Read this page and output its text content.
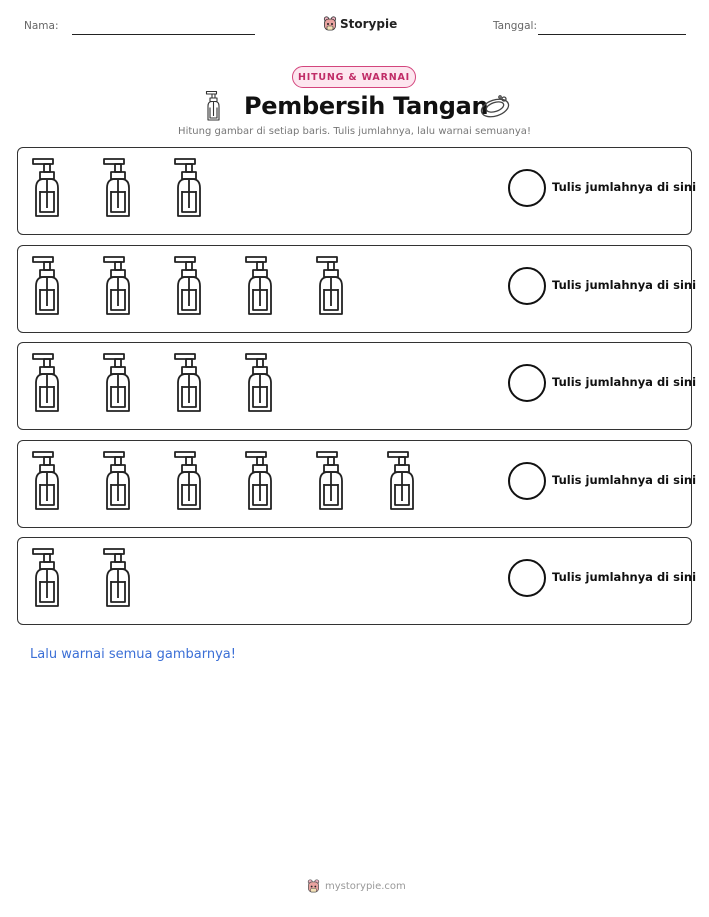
Nama:	Storypie	Tanggal:
HITUNG & WARNAI
Pembersih Tangan
Hitung gambar di setiap baris. Tulis jumlahnya, lalu warnai semuanya!
Tulis jumlahnya di sini
Tulis jumlahnya di sini
Tulis jumlahnya di sini
Tulis jumlahnya di sini
Tulis jumlahnya di sini
Lalu warnai semua gambarnya!
mystorypie.com
